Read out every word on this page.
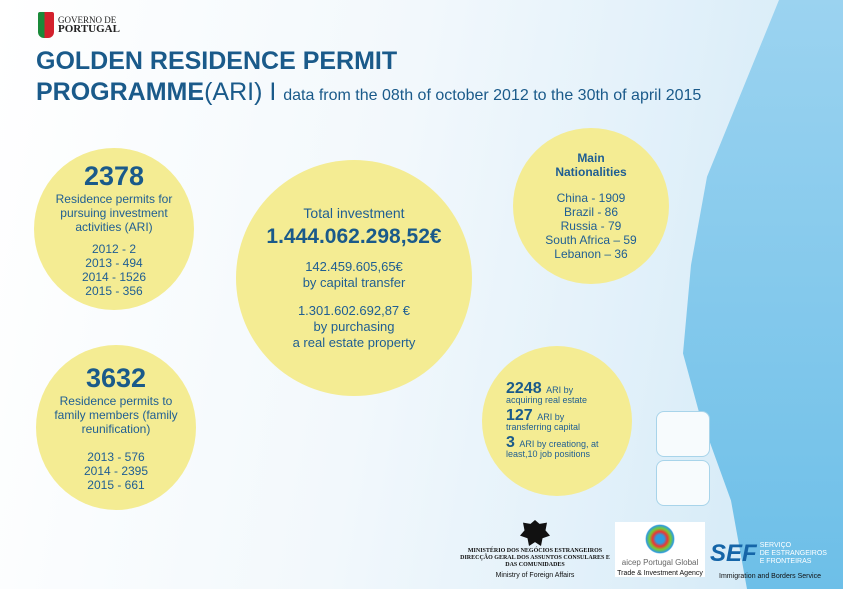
GOVERNO DE
PORTUGAL
GOLDEN RESIDENCE PERMIT
PROGRAMME(ARI) I data from the 08th of october 2012 to the 30th of april 2015
2378
Residence permits for pursuing investment activities (ARI)
2012 - 2
2013 - 494
2014 - 1526
2015 - 356
3632
Residence permits to family members (family reunification)
2013 - 576
2014 - 2395
2015 - 661
Total investment
1.444.062.298,52€
142.459.605,65€
by capital transfer
1.301.602.692,87 €
by purchasing
a real estate property
Main
Nationalities
China - 1909
Brazil - 86
Russia - 79
South Africa – 59
Lebanon – 36
2248 ARI by
acquiring real estate
127 ARI by
transferring capital
3 ARI by creationg, at
least,10 job positions
MINISTÉRIO DOS NEGÓCIOS ESTRANGEIROS
DIRECÇÃO GERAL DOS ASSUNTOS CONSULARES E
DAS COMUNIDADES
Ministry of Foreign Affairs
aicep Portugal Global
Trade & Investment Agency
SEF SERVIÇO
DE ESTRANGEIROS
E FRONTEIRAS
Immigration and Borders Service
